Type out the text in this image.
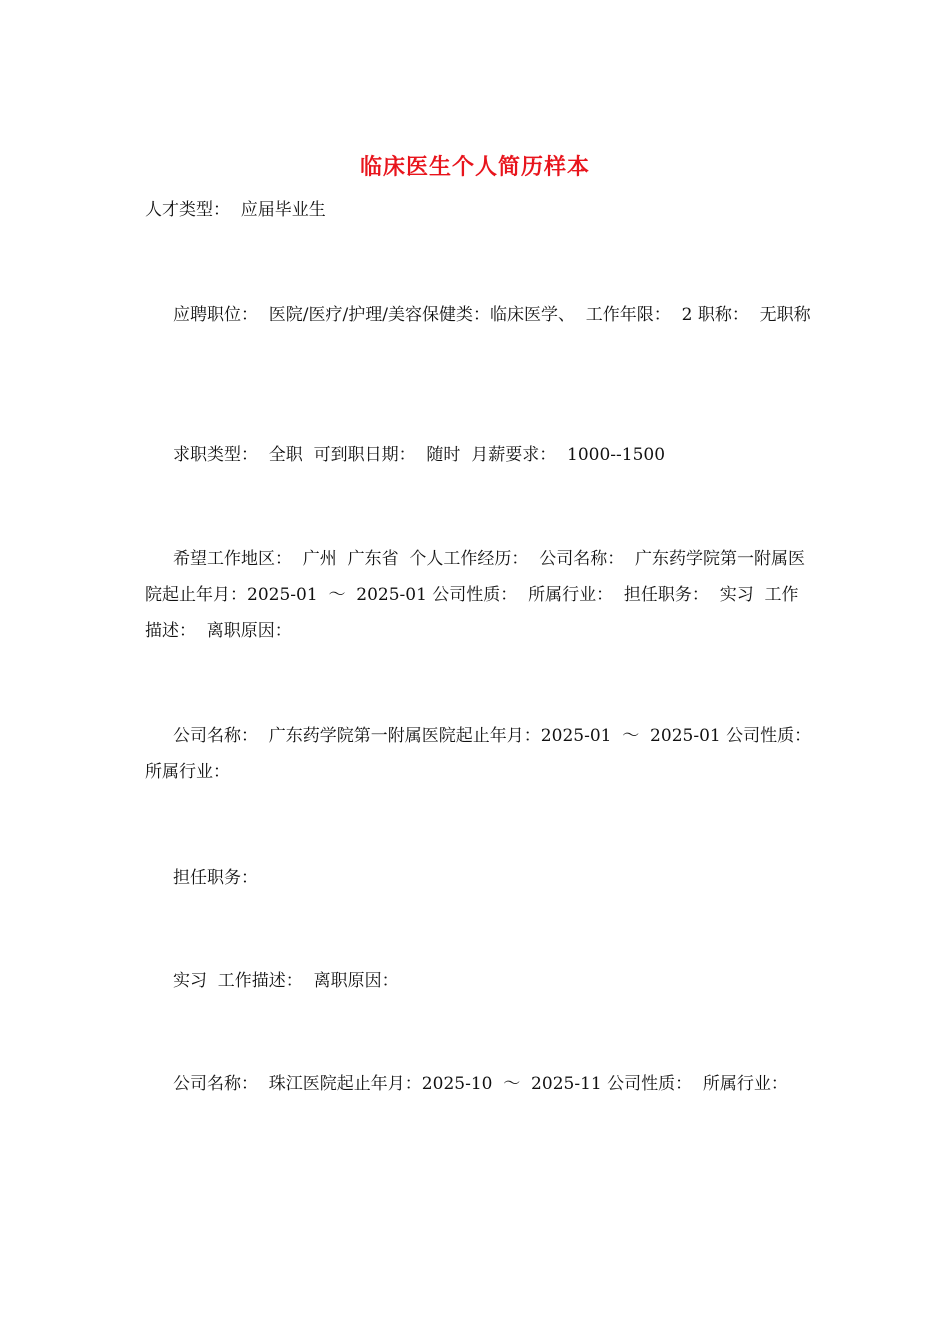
临床医生个人简历样本
人才类型：  应届毕业生
应聘职位：  医院/医疗/护理/美容保健类：临床医学、  工作年限：  2 职称：  无职称
求职类型：  全职  可到职日期：  随时  月薪要求：  1000--1500
希望工作地区：  广州  广东省  个人工作经历：  公司名称：  广东药学院第一附属医院起止年月：2025-01  ～  2025-01 公司性质：  所属行业：  担任职务：  实习  工作描述：  离职原因：
公司名称：  广东药学院第一附属医院起止年月：2025-01  ～  2025-01 公司性质：  所属行业：
担任职务：
实习  工作描述：  离职原因：
公司名称：  珠江医院起止年月：2025-10  ～  2025-11 公司性质：  所属行业：
